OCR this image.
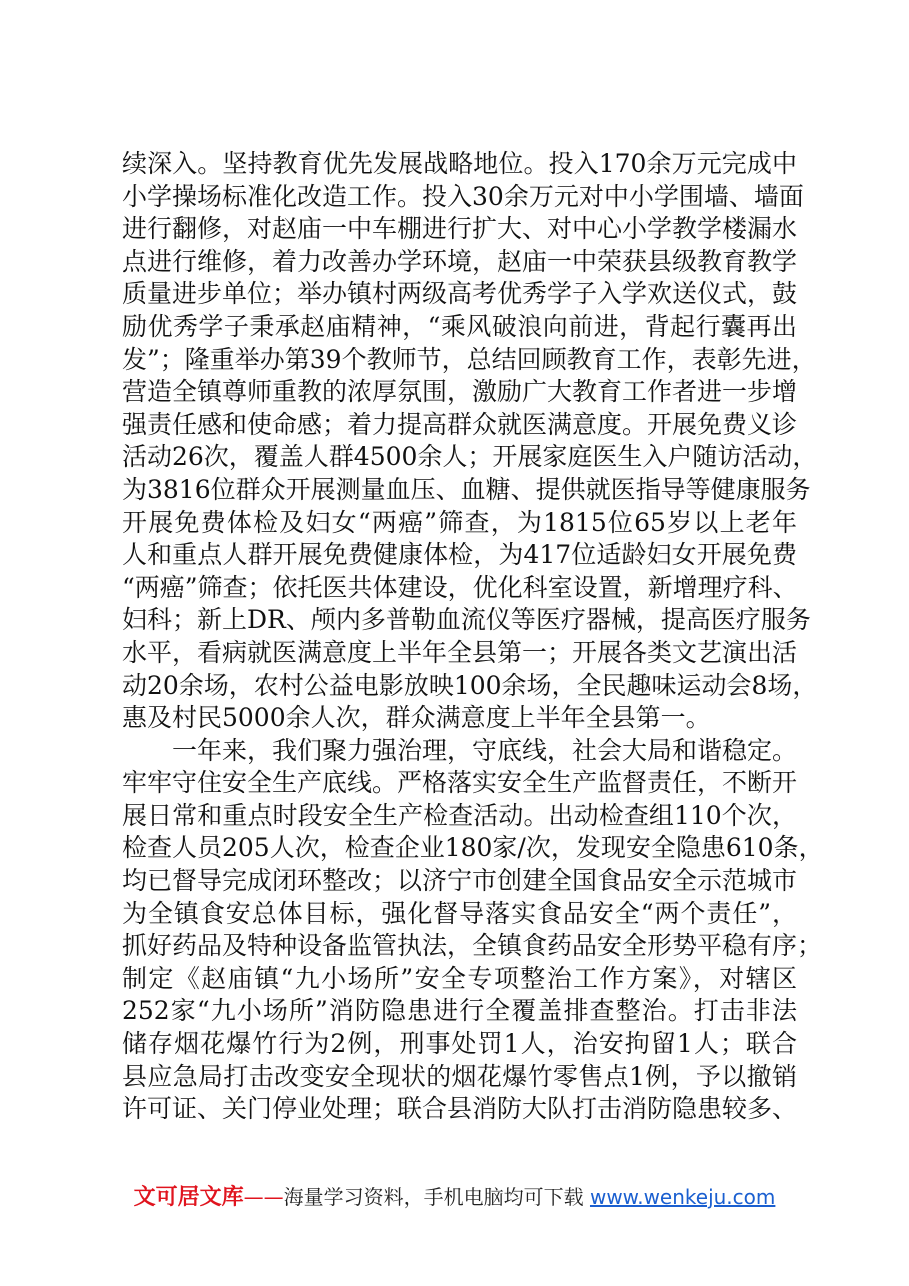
续深入。坚持教育优先发展战略地位。投入170余万元完成中
小学操场标准化改造工作。投入30余万元对中小学围墙、墙面
进行翻修，对赵庙一中车棚进行扩大、对中心小学教学楼漏水
点进行维修，着力改善办学环境，赵庙一中荣获县级教育教学
质量进步单位；举办镇村两级高考优秀学子入学欢送仪式，鼓
励优秀学子秉承赵庙精神，“乘风破浪向前进，背起行囊再出
发”；隆重举办第39个教师节，总结回顾教育工作，表彰先进，
营造全镇尊师重教的浓厚氛围，激励广大教育工作者进一步增
强责任感和使命感；着力提高群众就医满意度。开展免费义诊
活动26次，覆盖人群4500余人；开展家庭医生入户随访活动，
为3816位群众开展测量血压、血糖、提供就医指导等健康服务
开展免费体检及妇女“两癌”筛查，为1815位65岁以上老年
人和重点人群开展免费健康体检，为417位适龄妇女开展免费
“两癌”筛查；依托医共体建设，优化科室设置，新增理疗科、
妇科；新上DR、颅内多普勒血流仪等医疗器械，提高医疗服务
水平，看病就医满意度上半年全县第一；开展各类文艺演出活
动20余场，农村公益电影放映100余场，全民趣味运动会8场，
惠及村民5000余人次，群众满意度上半年全县第一。

一年来，我们聚力强治理，守底线，社会大局和谐稳定。
牢牢守住安全生产底线。严格落实安全生产监督责任，不断开
展日常和重点时段安全生产检查活动。出动检查组110个次，
检查人员205人次，检查企业180家/次，发现安全隐患610条，
均已督导完成闭环整改；以济宁市创建全国食品安全示范城市
为全镇食安总体目标，强化督导落实食品安全“两个责任”，
抓好药品及特种设备监管执法，全镇食药品安全形势平稳有序；
制定《赵庙镇“九小场所”安全专项整治工作方案》，对辖区
252家“九小场所”消防隐患进行全覆盖排查整治。打击非法
储存烟花爆竹行为2例，刑事处罚1人，治安拘留1人；联合
县应急局打击改变安全现状的烟花爆竹零售点1例，予以撤销
许可证、关门停业处理；联合县消防大队打击消防隐患较多、

文可居文库——海量学习资料，手机电脑均可下载 www.wenkeju.com
